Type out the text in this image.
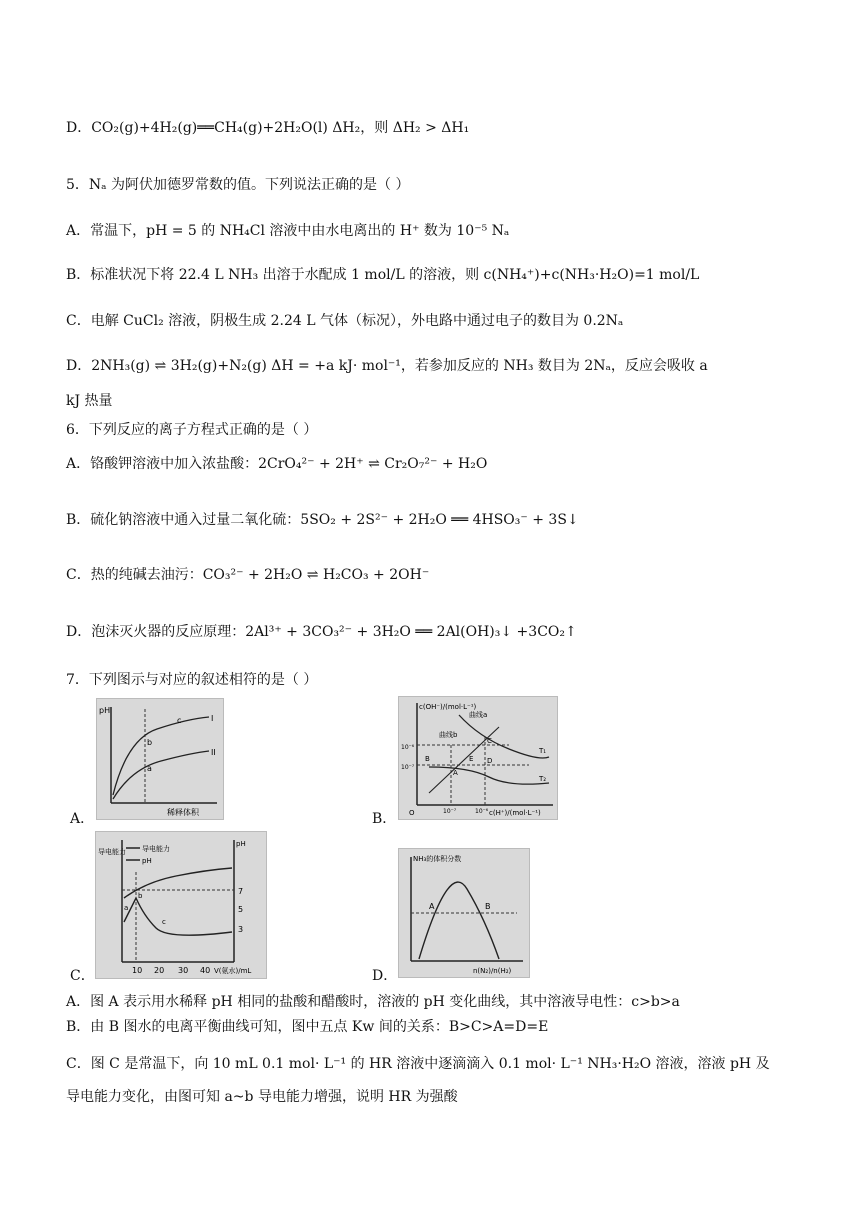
D．CO₂(g)+4H₂(g)══CH₄(g)+2H₂O(l) ΔH₂，则 ΔH₂ > ΔH₁
5．Nₐ 为阿伏加德罗常数的值。下列说法正确的是（ ）
A．常温下，pH = 5 的 NH₄Cl 溶液中由水电离出的 H⁺ 数为 10⁻⁵ Nₐ
B．标准状况下将 22.4 L NH₃ 出溶于水配成 1 mol/L 的溶液，则 c(NH₄⁺)+c(NH₃·H₂O)=1 mol/L
C．电解 CuCl₂ 溶液，阴极生成 2.24 L 气体（标况），外电路中通过电子的数目为 0.2Nₐ
D．2NH₃(g) ⇌ 3H₂(g)+N₂(g) ΔH = +a kJ· mol⁻¹，若参加反应的 NH₃ 数目为 2Nₐ，反应会吸收 a
kJ 热量
6．下列反应的离子方程式正确的是（ ）
A．铬酸钾溶液中加入浓盐酸：2CrO₄²⁻ + 2H⁺ ⇌ Cr₂O₇²⁻ + H₂O
B．硫化钠溶液中通入过量二氧化硫：5SO₂ + 2S²⁻ + 2H₂O ══ 4HSO₃⁻ + 3S↓
C．热的纯碱去油污：CO₃²⁻ + 2H₂O ⇌ H₂CO₃ + 2OH⁻
D．泡沫灭火器的反应原理：2Al³⁺ + 3CO₃²⁻ + 3H₂O ══ 2Al(OH)₃↓ +3CO₂↑
7．下列图示与对应的叙述相符的是（ ）
pH
稀释体积
I
II
a
b
c
A．
c(OH⁻)/(mol·L⁻¹)
c(H⁺)/(mol·L⁻¹)
O
10⁻⁶
10⁻⁷
10⁻⁷	10⁻⁶
曲线a
曲线b
T₁
T₂
B
A
C
D
E
B．
导电能力
pH
导电能力
pH
7
5
3
10 20 30 40 V(氨水)/mL
a
b
c
C．
NH₃的体积分数
n(N₂)/n(H₂)
A	B
D．
A．图 A 表示用水稀释 pH 相同的盐酸和醋酸时，溶液的 pH 变化曲线，其中溶液导电性：c>b>a
B．由 B 图水的电离平衡曲线可知，图中五点 Kw 间的关系：B>C>A=D=E
C．图 C 是常温下，向 10 mL 0.1 mol· L⁻¹ 的 HR 溶液中逐滴滴入 0.1 mol· L⁻¹ NH₃·H₂O 溶液，溶液 pH 及
导电能力变化，由图可知 a~b 导电能力增强，说明 HR 为强酸
